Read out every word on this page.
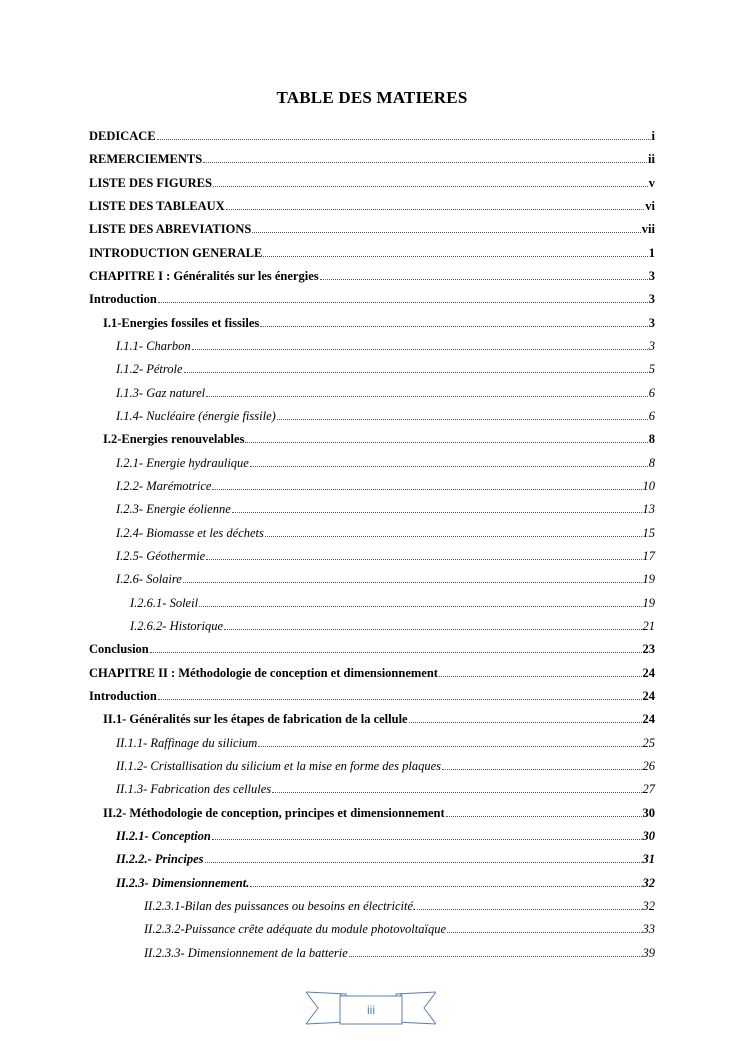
TABLE DES MATIERES
DEDICACE	i
REMERCIEMENTS	ii
LISTE DES FIGURES	v
LISTE DES TABLEAUX	vi
LISTE DES ABREVIATIONS	vii
INTRODUCTION GENERALE	1
CHAPITRE I : Généralités sur les énergies	3
Introduction	3
I.1-Energies fossiles et fissiles	3
I.1.1- Charbon	3
I.1.2- Pétrole	5
I.1.3- Gaz naturel	6
I.1.4- Nucléaire (énergie fissile)	6
I.2-Energies renouvelables	8
I.2.1- Energie hydraulique	8
I.2.2- Marémotrice	10
I.2.3- Energie éolienne	13
I.2.4- Biomasse et les déchets	15
I.2.5- Géothermie	17
I.2.6- Solaire	19
I.2.6.1- Soleil	19
I.2.6.2- Historique	21
Conclusion	23
CHAPITRE II : Méthodologie de conception et dimensionnement	24
Introduction	24
II.1- Généralités sur les étapes de fabrication de la cellule	24
II.1.1- Raffinage du silicium	25
II.1.2- Cristallisation du silicium et la mise en forme des plaques	26
II.1.3- Fabrication des cellules	27
II.2- Méthodologie de conception, principes et dimensionnement	30
II.2.1- Conception	30
II.2.2.- Principes	31
II.2.3- Dimensionnement.	32
II.2.3.1-Bilan des puissances ou besoins en électricité.	32
II.2.3.2-Puissance crête adéquate du module photovoltaïque	33
II.2.3.3- Dimensionnement de la batterie	39
iii
